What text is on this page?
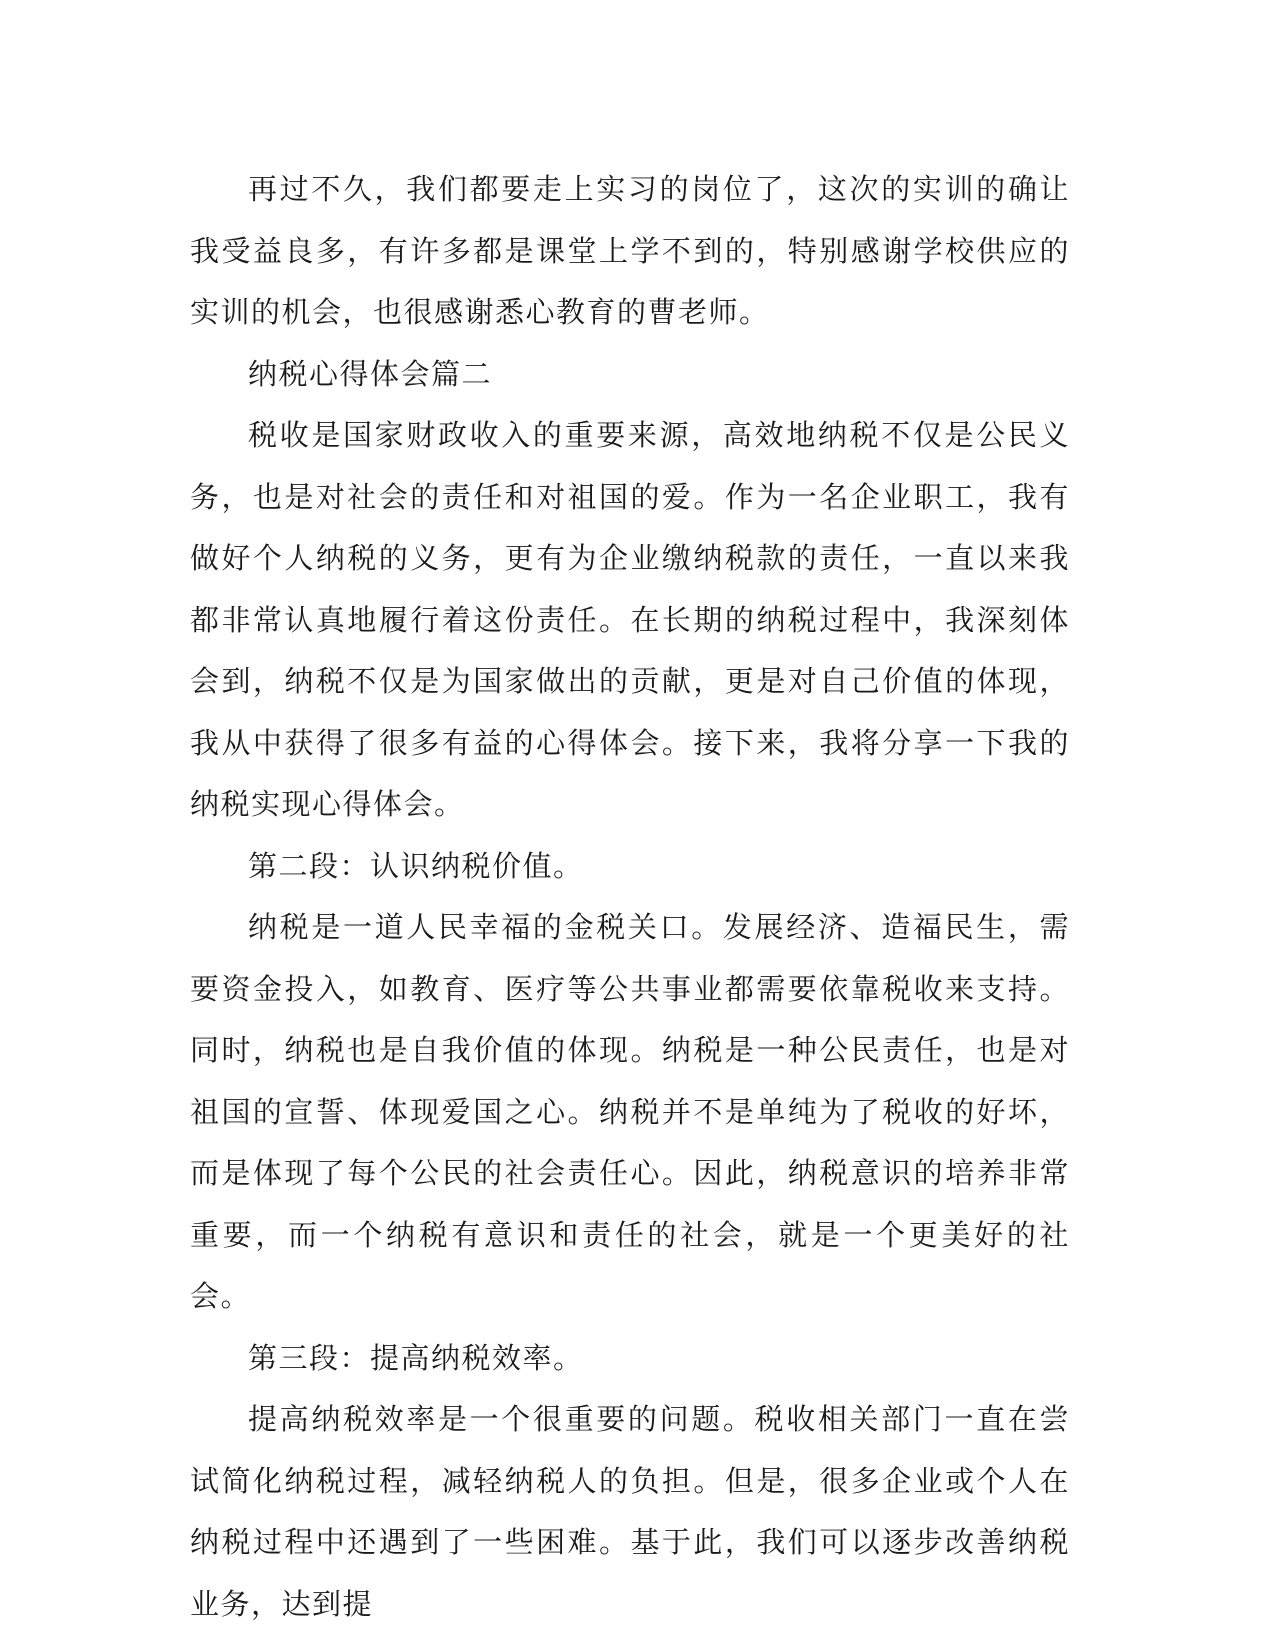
再过不久，我们都要走上实习的岗位了，这次的实训的确让我受益良多，有许多都是课堂上学不到的，特别感谢学校供应的实训的机会，也很感谢悉心教育的曹老师。

纳税心得体会篇二

税收是国家财政收入的重要来源，高效地纳税不仅是公民义务，也是对社会的责任和对祖国的爱。作为一名企业职工，我有做好个人纳税的义务，更有为企业缴纳税款的责任，一直以来我都非常认真地履行着这份责任。在长期的纳税过程中，我深刻体会到，纳税不仅是为国家做出的贡献，更是对自己价值的体现，我从中获得了很多有益的心得体会。接下来，我将分享一下我的纳税实现心得体会。

第二段：认识纳税价值。

纳税是一道人民幸福的金税关口。发展经济、造福民生，需要资金投入，如教育、医疗等公共事业都需要依靠税收来支持。同时，纳税也是自我价值的体现。纳税是一种公民责任，也是对祖国的宣誓、体现爱国之心。纳税并不是单纯为了税收的好坏，而是体现了每个公民的社会责任心。因此，纳税意识的培养非常重要，而一个纳税有意识和责任的社会，就是一个更美好的社会。

第三段：提高纳税效率。

提高纳税效率是一个很重要的问题。税收相关部门一直在尝试简化纳税过程，减轻纳税人的负担。但是，很多企业或个人在纳税过程中还遇到了一些困难。基于此，我们可以逐步改善纳税业务，达到提
